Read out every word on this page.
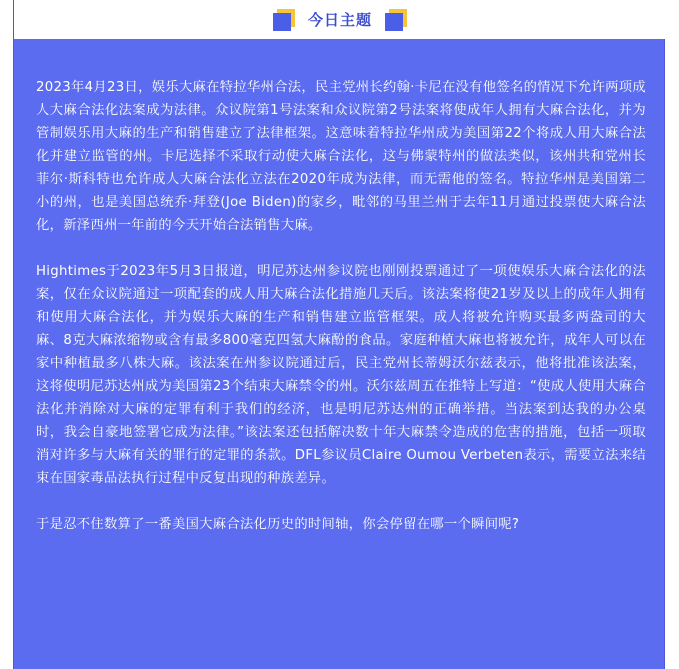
今日主题

2023年4月23日，娱乐大麻在特拉华州合法，民主党州长约翰·卡尼在没有他签名的情况下允许两项成人大麻合法化法案成为法律。众议院第1号法案和众议院第2号法案将使成年人拥有大麻合法化，并为管制娱乐用大麻的生产和销售建立了法律框架。这意味着特拉华州成为美国第22个将成人用大麻合法化并建立监管的州。卡尼选择不采取行动使大麻合法化，这与佛蒙特州的做法类似，该州共和党州长菲尔·斯科特也允许成人大麻合法化立法在2020年成为法律，而无需他的签名。特拉华州是美国第二小的州，也是美国总统乔·拜登(Joe Biden)的家乡，毗邻的马里兰州于去年11月通过投票使大麻合法化，新泽西州一年前的今天开始合法销售大麻。

Hightimes于2023年5月3日报道，明尼苏达州参议院也刚刚投票通过了一项使娱乐大麻合法化的法案，仅在众议院通过一项配套的成人用大麻合法化措施几天后。该法案将使21岁及以上的成年人拥有和使用大麻合法化，并为娱乐大麻的生产和销售建立监管框架。成人将被允许购买最多两盎司的大麻、8克大麻浓缩物或含有最多800毫克四氢大麻酚的食品。家庭种植大麻也将被允许，成年人可以在家中种植最多八株大麻。该法案在州参议院通过后，民主党州长蒂姆沃尔兹表示，他将批准该法案，这将使明尼苏达州成为美国第23个结束大麻禁令的州。沃尔兹周五在推特上写道：“使成人使用大麻合法化并消除对大麻的定罪有利于我们的经济，也是明尼苏达州的正确举措。当法案到达我的办公桌时，我会自豪地签署它成为法律。”该法案还包括解决数十年大麻禁令造成的危害的措施，包括一项取消对许多与大麻有关的罪行的定罪的条款。DFL参议员Claire Oumou Verbeten表示，需要立法来结束在国家毒品法执行过程中反复出现的种族差异。

于是忍不住数算了一番美国大麻合法化历史的时间轴，你会停留在哪一个瞬间呢?
